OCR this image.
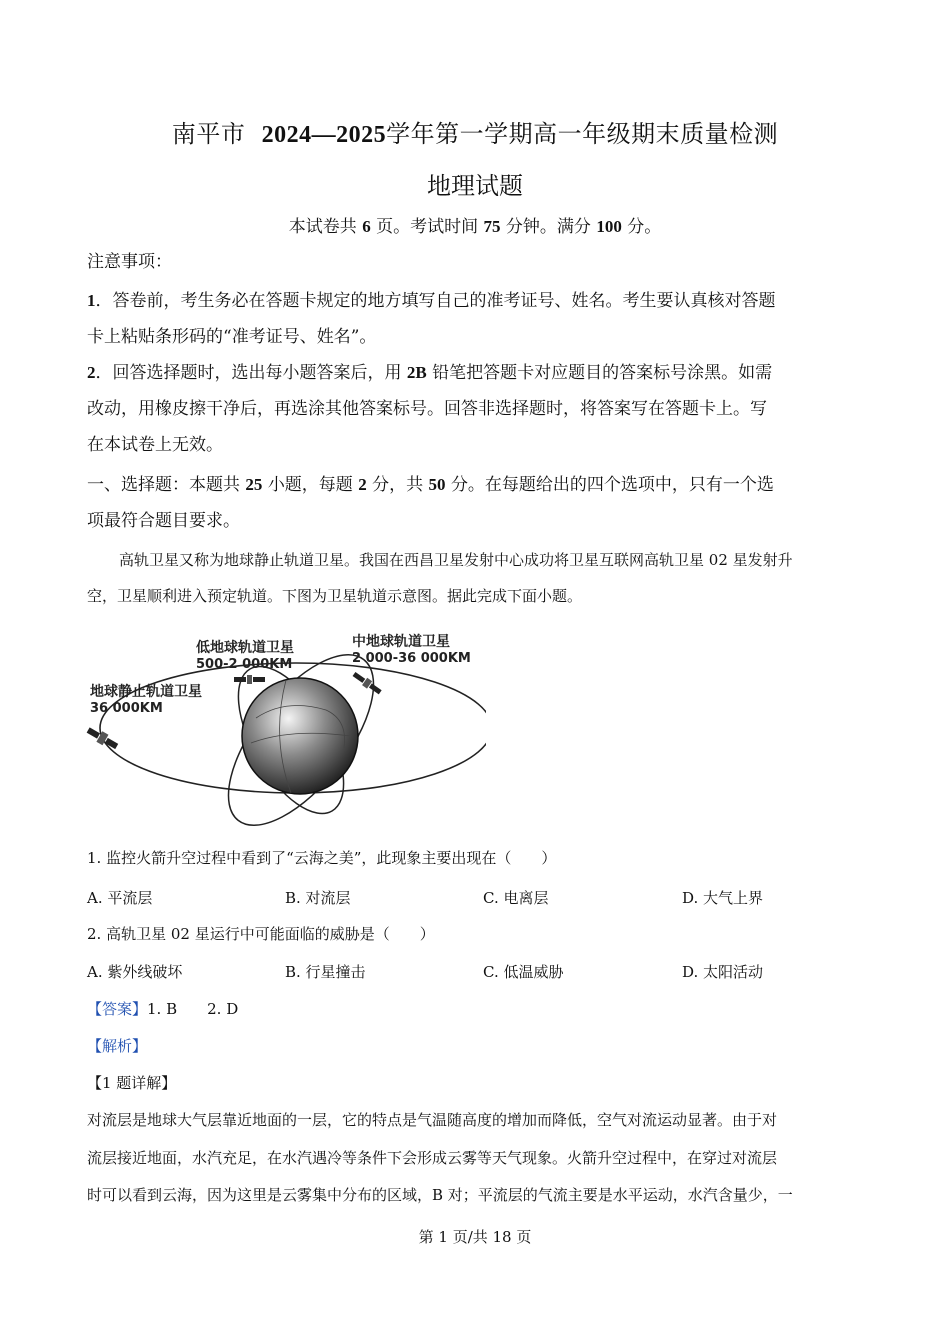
南平市 2024—2025学年第一学期高一年级期末质量检测
地理试题
本试卷共 6 页。考试时间 75 分钟。满分 100 分。
注意事项：
1．答卷前，考生务必在答题卡规定的地方填写自己的准考证号、姓名。考生要认真核对答题
卡上粘贴条形码的“准考证号、姓名”。
2．回答选择题时，选出每小题答案后，用 2B 铅笔把答题卡对应题目的答案标号涂黑。如需
改动，用橡皮擦干净后，再选涂其他答案标号。回答非选择题时，将答案写在答题卡上。写
在本试卷上无效。
一、选择题：本题共 25 小题，每题 2 分，共 50 分。在每题给出的四个选项中，只有一个选
项最符合题目要求。
高轨卫星又称为地球静止轨道卫星。我国在西昌卫星发射中心成功将卫星互联网高轨卫星 02 星发射升
空，卫星顺利进入预定轨道。下图为卫星轨道示意图。据此完成下面小题。
低地球轨道卫星
500-2 000KM
中地球轨道卫星
2 000-36 000KM
地球静止轨道卫星
36 000KM
1. 监控火箭升空过程中看到了“云海之美”，此现象主要出现在（　　）
A. 平流层	B. 对流层	C. 电离层	D. 大气上界
2. 高轨卫星 02 星运行中可能面临的威胁是（　　）
A. 紫外线破坏	B. 行星撞击	C. 低温威胁	D. 太阳活动
【答案】1. B　　2. D
【解析】
【1 题详解】
对流层是地球大气层靠近地面的一层，它的特点是气温随高度的增加而降低，空气对流运动显著。由于对
流层接近地面，水汽充足，在水汽遇冷等条件下会形成云雾等天气现象。火箭升空过程中，在穿过对流层
时可以看到云海，因为这里是云雾集中分布的区域，B 对；平流层的气流主要是水平运动，水汽含量少，一
第 1 页/共 18 页
